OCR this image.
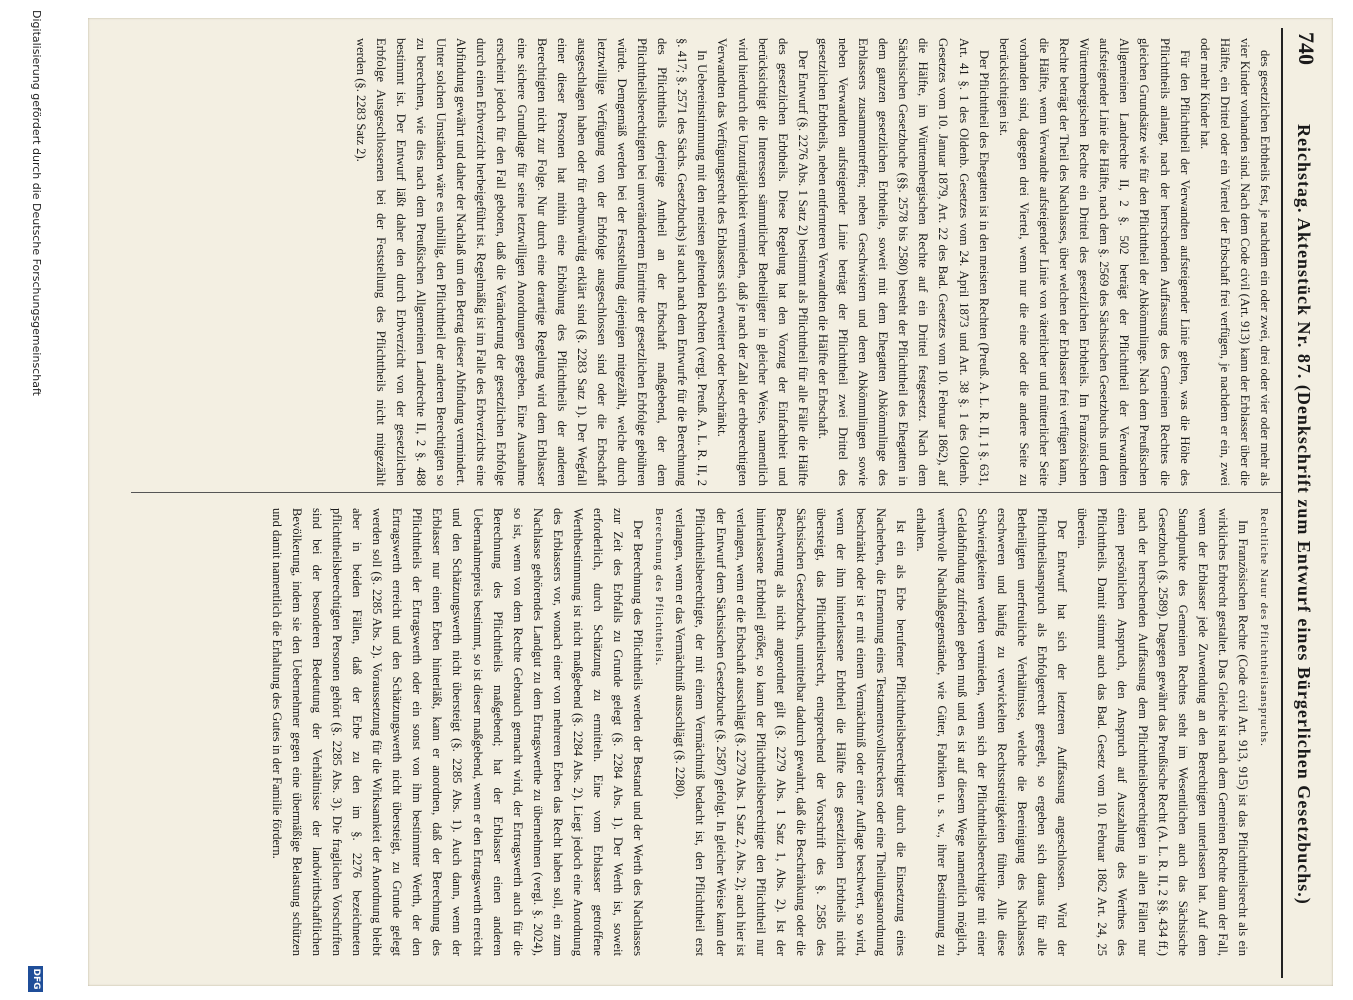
740
Reichstag. Aktenstück Nr. 87. (Denkschrift zum Entwurf eines Bürgerlichen Gesetzbuchs.)

des gesetzlichen Erbtheils fest, je nachdem ein oder zwei, drei oder vier oder mehr als vier Kinder vorhanden sind. Nach dem Code civil (Art. 913) kann der Erblasser über die Hälfte, ein Drittel oder ein Viertel der Erbschaft frei verfügen, je nachdem er ein, zwei oder mehr Kinder hat.

Für den Pflichttheil der Verwandten aufsteigender Linie gelten, was die Höhe des Pflichttheils anlangt, nach der herrschenden Auffassung des Gemeinen Rechtes die gleichen Grundsätze wie für den Pflichttheil der Abkömmlinge. Nach dem Preußischen Allgemeinen Landrechte II, 2 §. 502 beträgt der Pflichttheil der Verwandten aufsteigender Linie die Hälfte, nach dem §. 2569 des Sächsischen Gesetzbuchs und dem Württembergischen Rechte ein Drittel des gesetzlichen Erbtheils. Im Französischen Rechte beträgt der Theil des Nachlasses, über welchen der Erblasser frei verfügen kann, die Hälfte, wenn Verwandte aufsteigender Linie von väterlicher und mütterlicher Seite vorhanden sind, dagegen drei Viertel, wenn nur die eine oder die andere Seite zu berücksichtigen ist.

Der Pflichttheil des Ehegatten ist in den meisten Rechten (Preuß. A. L. R. II, 1 §. 631, Art. 41 §. 1 des Oldenb. Gesetzes vom 24. April 1873 und Art. 38 §. 1 des Oldenb. Gesetzes vom 10. Januar 1879, Art. 22 des Bad. Gesetzes vom 10. Februar 1862), auf die Hälfte, im Württembergischen Rechte auf ein Drittel festgesetzt. Nach dem Sächsischen Gesetzbuche (§§. 2578 bis 2580) besteht der Pflichttheil des Ehegatten in dem ganzen gesetzlichen Erbtheile, soweit mit dem Ehegatten Abkömmlinge des Erblassers zusammentreffen; neben Geschwistern und deren Abkömmlingen sowie neben Verwandten aufsteigender Linie beträgt der Pflichttheil zwei Drittel des gesetzlichen Erbtheils, neben entfernteren Verwandten die Hälfte der Erbschaft.

Der Entwurf (§. 2276 Abs. 1 Satz 2) bestimmt als Pflichttheil für alle Fälle die Hälfte des gesetzlichen Erbtheils. Diese Regelung hat den Vorzug der Einfachheit und berücksichtigt die Interessen sämmtlicher Betheiligter in gleicher Weise, namentlich wird hierdurch die Unzuträglichkeit vermieden, daß je nach der Zahl der erbberechtigten Verwandten das Verfügungsrecht des Erblassers sich erweitert oder beschränkt.

In Uebereinstimmung mit den meisten geltenden Rechten (vergl. Preuß. A. L. R. II, 2 §. 417; §. 2571 des Sächs. Gesetzbuchs) ist auch nach dem Entwurfe für die Berechnung des Pflichttheils derjenige Antheil an der Erbschaft maßgebend, der dem Pflichttheilsberechtigten bei unverändertem Eintritte der gesetzlichen Erbfolge gebühren würde. Demgemäß werden bei der Feststellung diejenigen mitgezählt, welche durch letztwillige Verfügung von der Erbfolge ausgeschlossen sind oder die Erbschaft ausgeschlagen haben oder für erbunwürdig erklärt sind (§. 2283 Satz 1). Der Wegfall einer dieser Personen hat mithin eine Erhöhung des Pflichttheils der anderen Berechtigten nicht zur Folge. Nur durch eine derartige Regelung wird dem Erblasser eine sichere Grundlage für seine letztwilligen Anordnungen gegeben. Eine Ausnahme erscheint jedoch für den Fall geboten, daß die Veränderung der gesetzlichen Erbfolge durch einen Erbverzicht herbeigeführt ist. Regelmäßig ist im Falle des Erbverzichts eine Abfindung gewährt und daher der Nachlaß um den Betrag dieser Abfindung vermindert. Unter solchen Umständen wäre es unbillig, den Pflichttheil der anderen Berechtigten so zu berechnen, wie dies nach dem Preußischen Allgemeinen Landrechte II, 2 §. 488 bestimmt ist. Der Entwurf läßt daher den durch Erbverzicht von der gesetzlichen Erbfolge Ausgeschlossenen bei der Feststellung des Pflichttheils nicht mitgezählt werden (§. 2283 Satz 2).

Rechtliche Natur des Pflichttheilsanspruchs.

Im Französischen Rechte (Code civil Art. 913, 915) ist das Pflichttheilsrecht als ein wirkliches Erbrecht gestaltet. Das Gleiche ist nach dem Gemeinen Rechte dann der Fall, wenn der Erblasser jede Zuwendung an den Berechtigten unterlassen hat. Auf dem Standpunkte des Gemeinen Rechtes steht im Wesentlichen auch das Sächsische Gesetzbuch (§. 2589). Dagegen gewährt das Preußische Recht (A. L. R. II, 2 §§. 434 ff.) nach der herrschenden Auffassung dem Pflichttheilsberechtigten in allen Fällen nur einen persönlichen Anspruch, den Anspruch auf Auszahlung des Werthes des Pflichttheils. Damit stimmt auch das Bad. Gesetz vom 10. Februar 1862 Art. 24, 25 überein.

Der Entwurf hat sich der letzteren Auffassung angeschlossen. Wird der Pflichttheilsanspruch als Erbfolgerecht geregelt, so ergeben sich daraus für alle Betheiligten unerfreuliche Verhältnisse, welche die Bereinigung des Nachlasses erschweren und häufig zu verwickelten Rechtsstreitigkeiten führen. Alle diese Schwierigkeiten werden vermieden, wenn sich der Pflichttheilsberechtigte mit einer Geldabfindung zufrieden geben muß und es ist auf diesem Wege namentlich möglich, werthvolle Nachlaßgegenstände, wie Güter, Fabriken u. s. w., ihrer Bestimmung zu erhalten.

Ist ein als Erbe berufener Pflichttheilsberechtigter durch die Einsetzung eines Nacherben, die Ernennung eines Testamentsvollstreckers oder eine Theilungsanordnung beschränkt oder ist er mit einem Vermächtniß oder einer Auflage beschwert, so wird, wenn der ihm hinterlassene Erbtheil die Hälfte des gesetzlichen Erbtheils nicht übersteigt, das Pflichttheilsrecht, entsprechend der Vorschrift des §. 2585 des Sächsischen Gesetzbuchs, unmittelbar dadurch gewahrt, daß die Beschränkung oder die Beschwerung als nicht angeordnet gilt (§. 2279 Abs. 1 Satz 1, Abs. 2). Ist der hinterlassene Erbtheil größer, so kann der Pflichttheilsberechtigte den Pflichttheil nur verlangen, wenn er die Erbschaft ausschlägt (§. 2279 Abs. 1 Satz 2, Abs. 2); auch hier ist der Entwurf dem Sächsischen Gesetzbuche (§. 2587) gefolgt. In gleicher Weise kann der Pflichttheilsberechtigte, der mit einem Vermächtniß bedacht ist, den Pflichttheil erst verlangen, wenn er das Vermächtniß ausschlägt (§. 2280).

Berechnung des Pflichttheils.

Der Berechnung des Pflichttheils werden der Bestand und der Werth des Nachlasses zur Zeit des Erbfalls zu Grunde gelegt (§. 2284 Abs. 1). Der Werth ist, soweit erforderlich, durch Schätzung zu ermitteln. Eine vom Erblasser getroffene Werthbestimmung ist nicht maßgebend (§. 2284 Abs. 2). Liegt jedoch eine Anordnung des Erblassers vor, wonach einer von mehreren Erben das Recht haben soll, ein zum Nachlasse gehörendes Landgut zu dem Ertragswerthe zu übernehmen (vergl. §. 2024), so ist, wenn von dem Rechte Gebrauch gemacht wird, der Ertragswerth auch für die Berechnung des Pflichttheils maßgebend; hat der Erblasser einen anderen Uebernahmepreis bestimmt, so ist dieser maßgebend, wenn er den Ertragswerth erreicht und den Schätzungswerth nicht übersteigt (§. 2285 Abs. 1). Auch dann, wenn der Erblasser nur einen Erben hinterläßt, kann er anordnen, daß der Berechnung des Pflichttheils der Ertragswerth oder ein sonst von ihm bestimmter Werth, der den Ertragswerth erreicht und den Schätzungswerth nicht übersteigt, zu Grunde gelegt werden soll (§. 2285 Abs. 2). Voraussetzung für die Wirksamkeit der Anordnung bleibt aber in beiden Fällen, daß der Erbe zu den im §. 2276 bezeichneten pflichttheilsberechtigten Personen gehört (§. 2285 Abs. 3). Die fraglichen Vorschriften sind bei der besonderen Bedeutung der Verhältnisse der landwirthschaftlichen Bevölkerung, indem sie den Uebernehmer gegen eine übermäßige Belastung schützen und damit namentlich die Erhaltung des Gutes in der Familie fördern.

Digitalisierung gefördert durch die Deutsche Forschungsgemeinschaft
DFG
